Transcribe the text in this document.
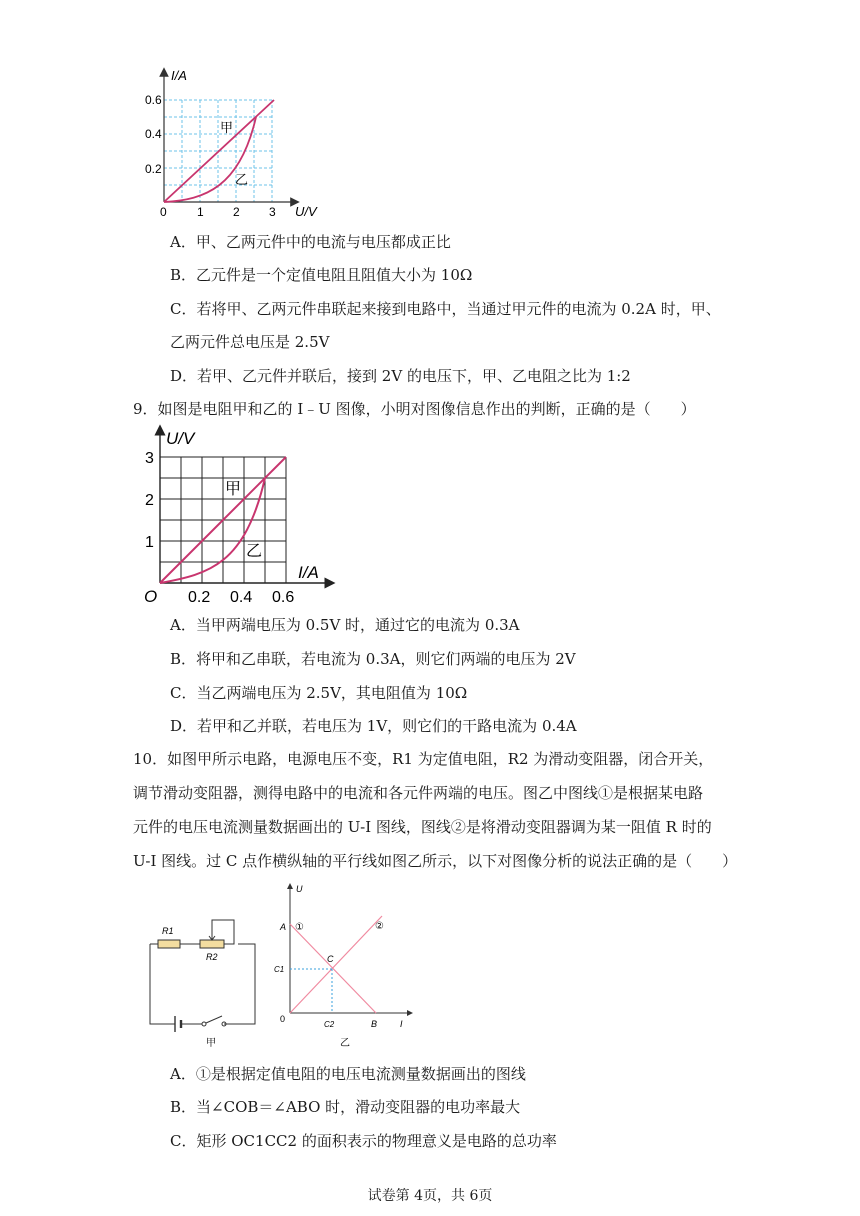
I/A
U/V
0.2
0.4
0.6
0	1 2 3
甲
乙
A．甲、乙两元件中的电流与电压都成正比
B．乙元件是一个定值电阻且阻值大小为 10Ω
C．若将甲、乙两元件串联起来接到电路中，当通过甲元件的电流为 0.2A 时，甲、
乙两元件总电压是 2.5V
D．若甲、乙元件并联后，接到 2V 的电压下，甲、乙电阻之比为 1:2
9．如图是电阻甲和乙的 I﹣U 图像，小明对图像信息作出的判断，正确的是（　　）
U/V
I/A
1
2
3
O 0.2 0.4 0.6
甲
乙
A．当甲两端电压为 0.5V 时，通过它的电流为 0.3A
B．将甲和乙串联，若电流为 0.3A，则它们两端的电压为 2V
C．当乙两端电压为 2.5V，其电阻值为 10Ω
D．若甲和乙并联，若电压为 1V，则它们的干路电流为 0.4A
10．如图甲所示电路，电源电压不变，R1 为定值电阻，R2 为滑动变阻器，闭合开关，
调节滑动变阻器，测得电路中的电流和各元件两端的电压。图乙中图线①是根据某电路
元件的电压电流测量数据画出的 U-I 图线，图线②是将滑动变阻器调为某一阻值 R 时的
U-I 图线。过 C 点作横纵轴的平行线如图乙所示，以下对图像分析的说法正确的是（　　）
R1
R2
甲
U
I
0
A
B
C
C1
C2
①	②
乙
A．①是根据定值电阻的电压电流测量数据画出的图线
B．当∠COB＝∠ABO 时，滑动变阻器的电功率最大
C．矩形 OC1CC2 的面积表示的物理意义是电路的总功率
试卷第 4页，共 6页
